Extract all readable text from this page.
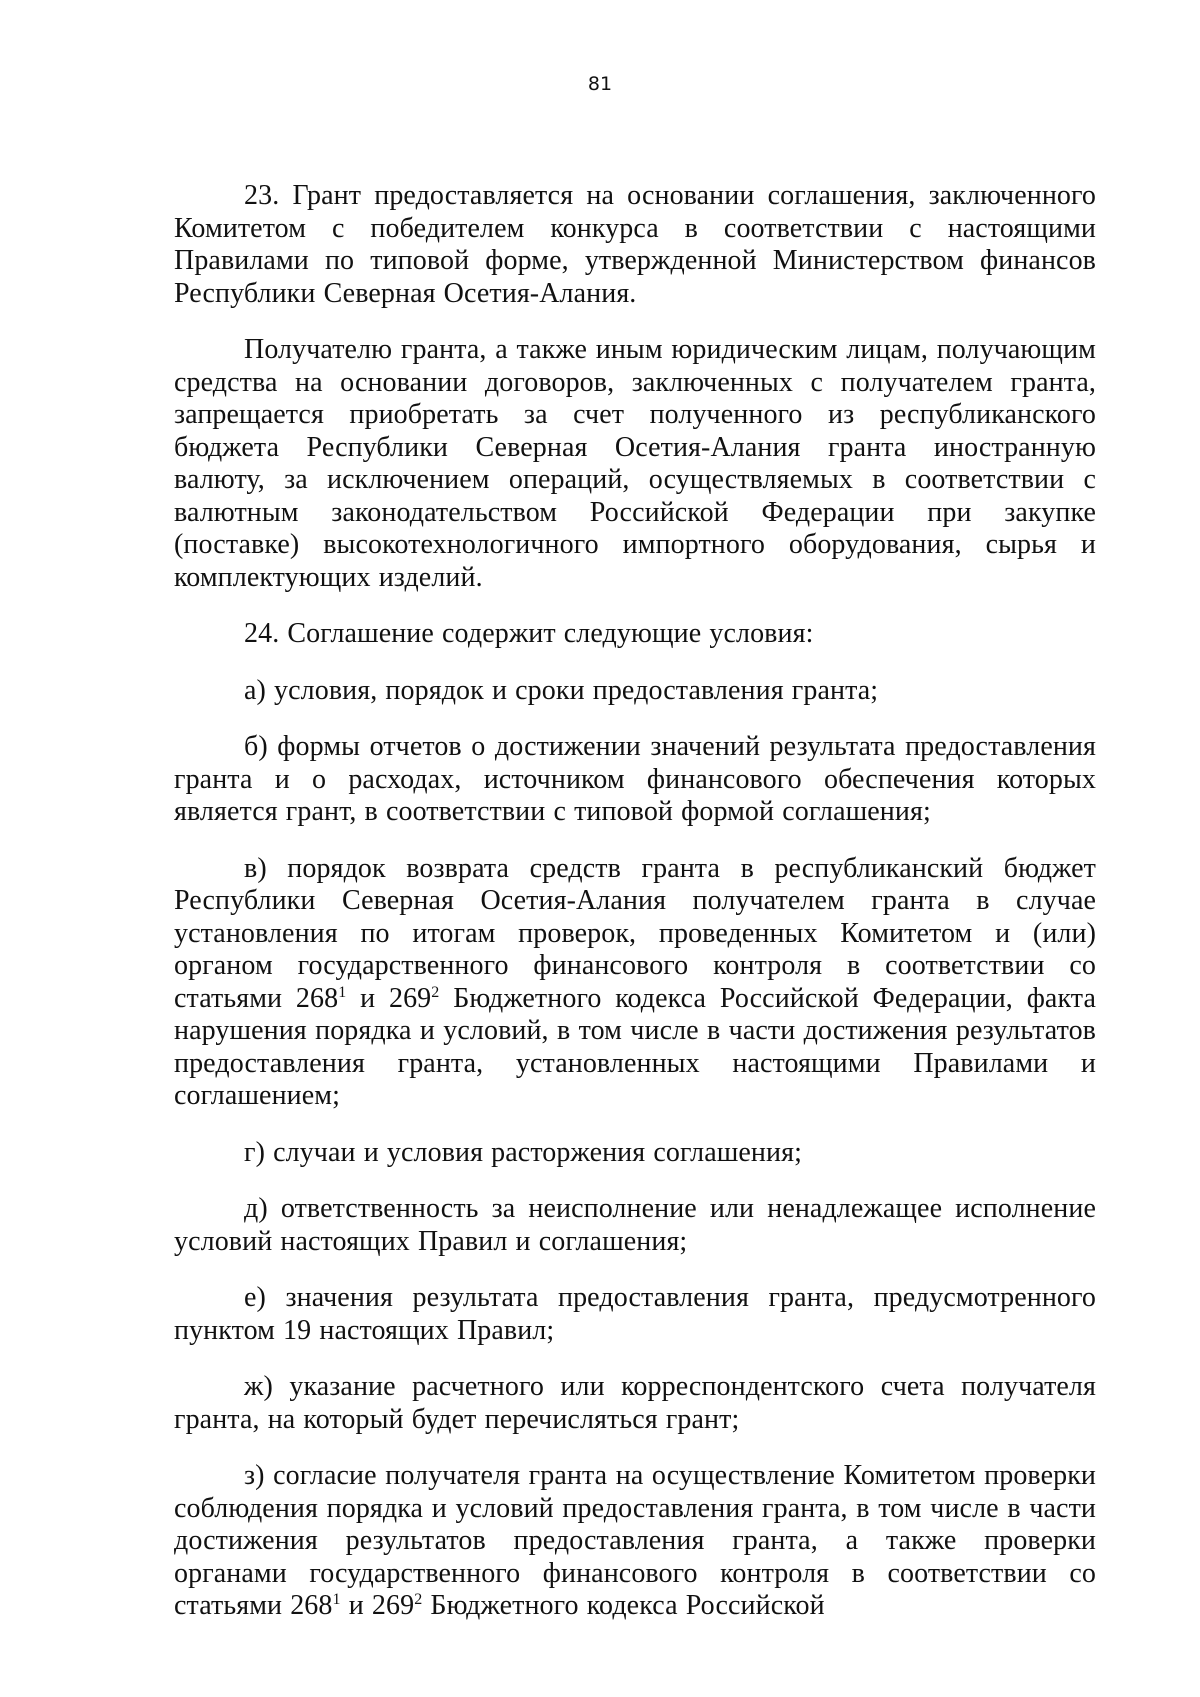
81

23. Грант предоставляется на основании соглашения, заключенного Комитетом с победителем конкурса в соответствии с настоящими Правилами по типовой форме, утвержденной Министерством финансов Республики Северная Осетия-Алания.

Получателю гранта, а также иным юридическим лицам, получающим средства на основании договоров, заключенных с получателем гранта, запрещается приобретать за счет полученного из республиканского бюджета Республики Северная Осетия-Алания гранта иностранную валюту, за исключением операций, осуществляемых в соответствии с валютным законодательством Российской Федерации при закупке (поставке) высокотехнологичного импортного оборудования, сырья и комплектующих изделий.

24. Соглашение содержит следующие условия:

а) условия, порядок и сроки предоставления гранта;

б) формы отчетов о достижении значений результата предоставления гранта и о расходах, источником финансового обеспечения которых является грант, в соответствии с типовой формой соглашения;

в) порядок возврата средств гранта в республиканский бюджет Республики Северная Осетия-Алания получателем гранта в случае установления по итогам проверок, проведенных Комитетом и (или) органом государственного финансового контроля в соответствии со статьями $268^1$ и $269^2$ Бюджетного кодекса Российской Федерации, факта нарушения порядка и условий, в том числе в части достижения результатов предоставления гранта, установленных настоящими Правилами и соглашением;

г) случаи и условия расторжения соглашения;

д) ответственность за неисполнение или ненадлежащее исполнение условий настоящих Правил и соглашения;

е) значения результата предоставления гранта, предусмотренного пунктом 19 настоящих Правил;

ж) указание расчетного или корреспондентского счета получателя гранта, на который будет перечисляться грант;

з) согласие получателя гранта на осуществление Комитетом проверки соблюдения порядка и условий предоставления гранта, в том числе в части достижения результатов предоставления гранта, а также проверки органами государственного финансового контроля в соответствии со статьями $268^1$ и $269^2$ Бюджетного кодекса Российской
